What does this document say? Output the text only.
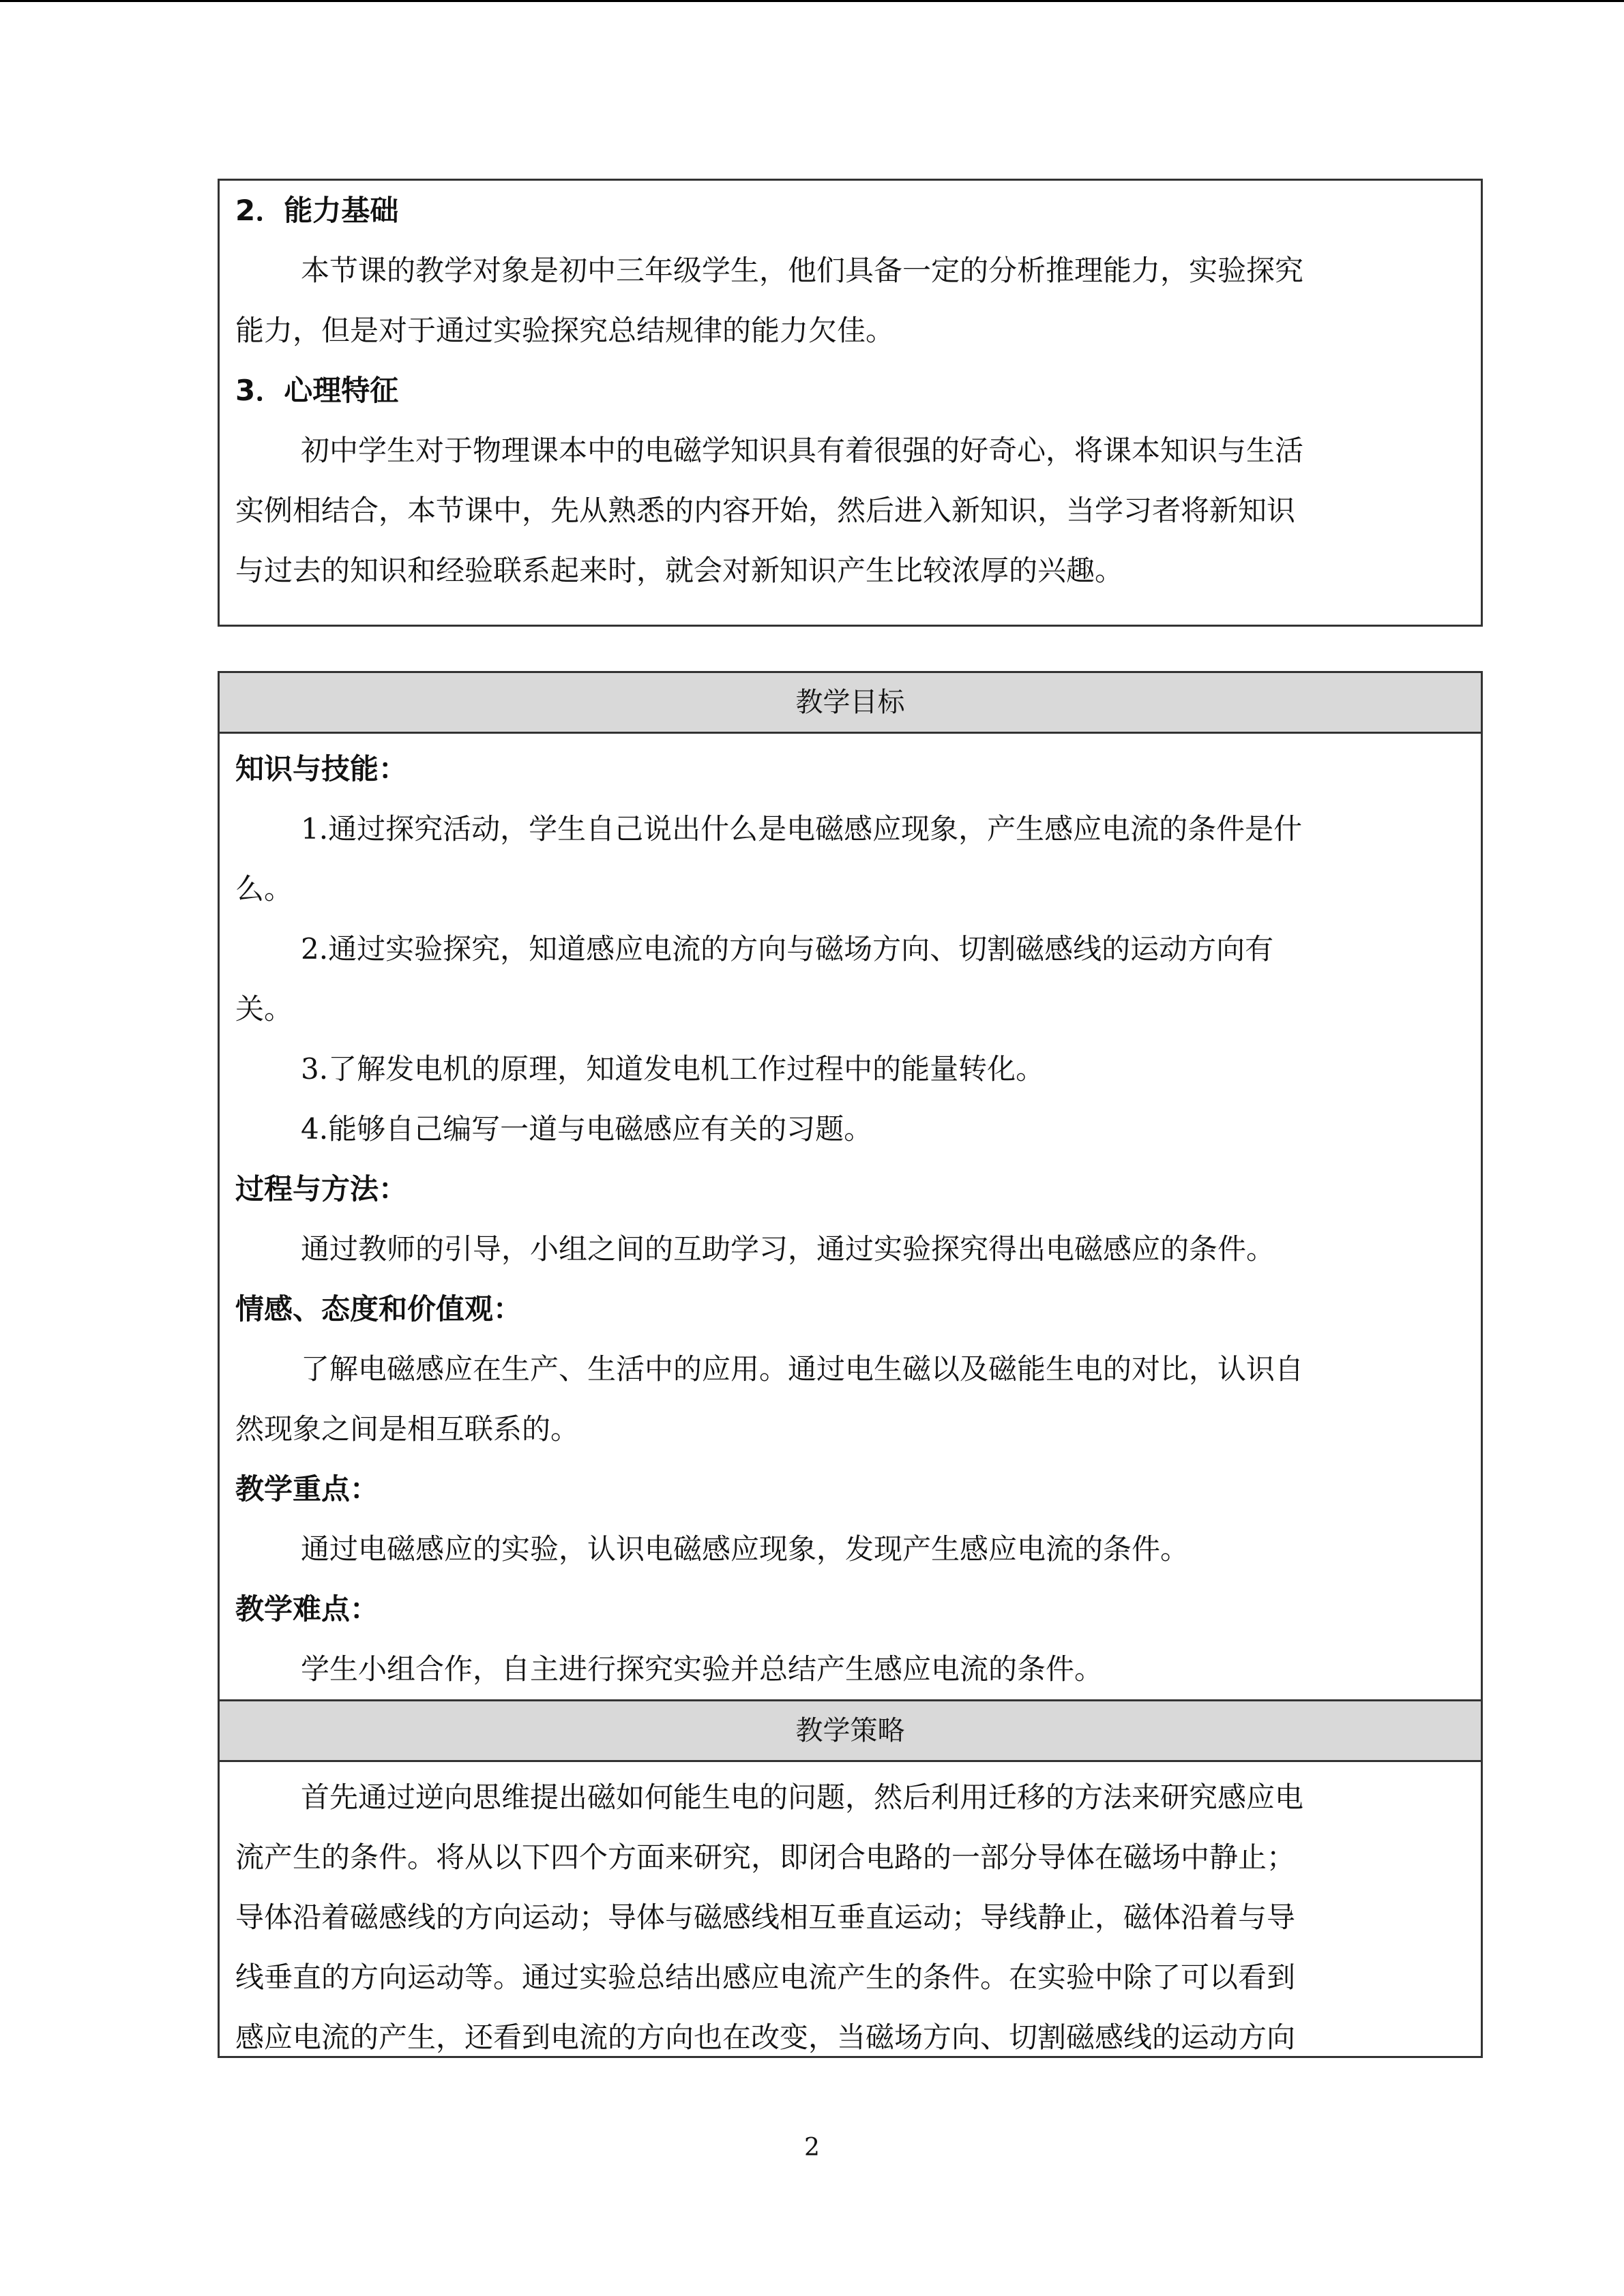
2．能力基础
本节课的教学对象是初中三年级学生，他们具备一定的分析推理能力，实验探究
能力，但是对于通过实验探究总结规律的能力欠佳。
3．心理特征
初中学生对于物理课本中的电磁学知识具有着很强的好奇心，将课本知识与生活
实例相结合，本节课中，先从熟悉的内容开始，然后进入新知识，当学习者将新知识
与过去的知识和经验联系起来时，就会对新知识产生比较浓厚的兴趣。
教学目标
知识与技能：
1.通过探究活动，学生自己说出什么是电磁感应现象，产生感应电流的条件是什
么。
2.通过实验探究，知道感应电流的方向与磁场方向、切割磁感线的运动方向有
关。
3.了解发电机的原理，知道发电机工作过程中的能量转化。
4.能够自己编写一道与电磁感应有关的习题。
过程与方法：
通过教师的引导，小组之间的互助学习，通过实验探究得出电磁感应的条件。
情感、态度和价值观：
了解电磁感应在生产、生活中的应用。通过电生磁以及磁能生电的对比，认识自
然现象之间是相互联系的。
教学重点：
通过电磁感应的实验，认识电磁感应现象，发现产生感应电流的条件。
教学难点：
学生小组合作，自主进行探究实验并总结产生感应电流的条件。
教学策略
首先通过逆向思维提出磁如何能生电的问题，然后利用迁移的方法来研究感应电
流产生的条件。将从以下四个方面来研究，即闭合电路的一部分导体在磁场中静止；
导体沿着磁感线的方向运动；导体与磁感线相互垂直运动；导线静止，磁体沿着与导
线垂直的方向运动等。通过实验总结出感应电流产生的条件。在实验中除了可以看到
感应电流的产生，还看到电流的方向也在改变，当磁场方向、切割磁感线的运动方向
2
